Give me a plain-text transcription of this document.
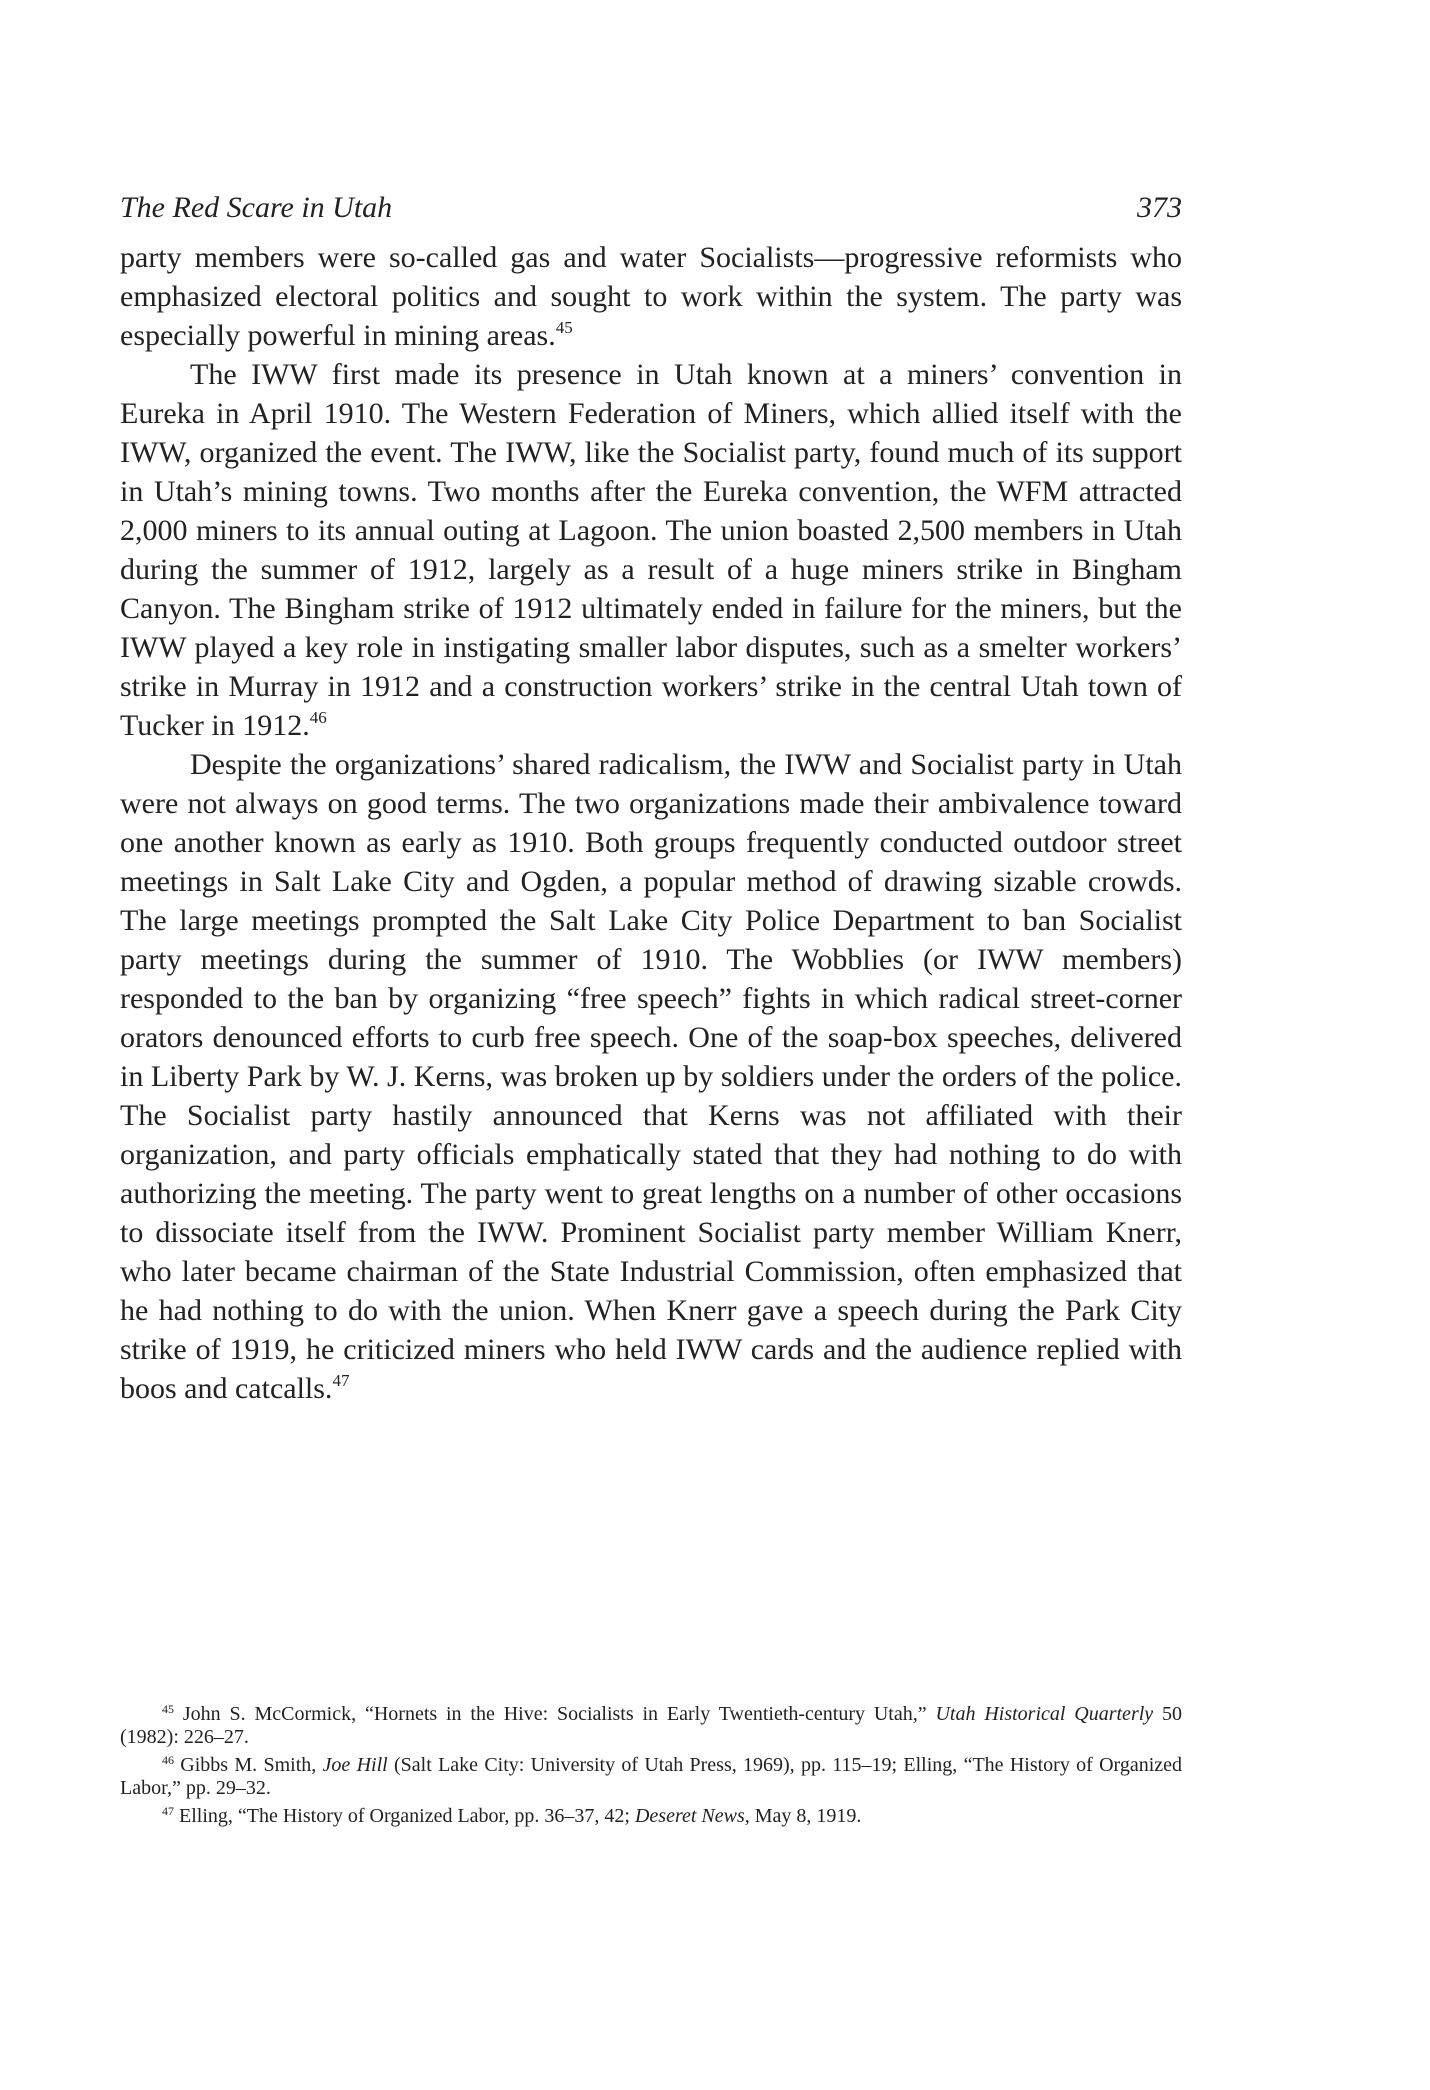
The Red Scare in Utah	373

party members were so-called gas and water Socialists—progressive reformists who emphasized electoral politics and sought to work within the system. The party was especially powerful in mining areas.$^{45}$

The IWW first made its presence in Utah known at a miners’ convention in Eureka in April 1910. The Western Federation of Miners, which allied itself with the IWW, organized the event. The IWW, like the Socialist party, found much of its support in Utah’s mining towns. Two months after the Eureka convention, the WFM attracted 2,000 miners to its annual outing at Lagoon. The union boasted 2,500 members in Utah during the summer of 1912, largely as a result of a huge miners strike in Bingham Canyon. The Bingham strike of 1912 ultimately ended in failure for the miners, but the IWW played a key role in instigating smaller labor disputes, such as a smelter workers’ strike in Murray in 1912 and a construction workers’ strike in the central Utah town of Tucker in 1912.46

Despite the organizations’ shared radicalism, the IWW and Socialist party in Utah were not always on good terms. The two organizations made their ambivalence toward one another known as early as 1910. Both groups frequently conducted outdoor street meetings in Salt Lake City and Ogden, a popular method of drawing sizable crowds. The large meetings prompted the Salt Lake City Police Department to ban Socialist party meetings during the summer of 1910. The Wobblies (or IWW members) responded to the ban by organizing “free speech” fights in which radical street-corner orators denounced efforts to curb free speech. One of the soap-box speeches, delivered in Liberty Park by W. J. Kerns, was broken up by soldiers under the orders of the police. The Socialist party hastily announced that Kerns was not affiliated with their organization, and party officials emphatically stated that they had nothing to do with authorizing the meeting. The party went to great lengths on a number of other occasions to dissociate itself from the IWW. Prominent Socialist party member William Knerr, who later became chairman of the State Industrial Commission, often emphasized that he had nothing to do with the union. When Knerr gave a speech during the Park City strike of 1919, he criticized miners who held IWW cards and the audience replied with boos and catcalls.$^{47}$

$^{45}$ John S. McCormick, “Hornets in the Hive: Socialists in Early Twentieth-century Utah,” Utah Historical Quarterly 50 (1982): 226–27.

$^{46}$ Gibbs M. Smith, Joe Hill (Salt Lake City: University of Utah Press, 1969), pp. 115–19; Elling, “The History of Organized Labor,” pp. 29–32.

$^{47}$ Elling, “The History of Organized Labor, pp. 36–37, 42; Deseret News, May 8, 1919.
